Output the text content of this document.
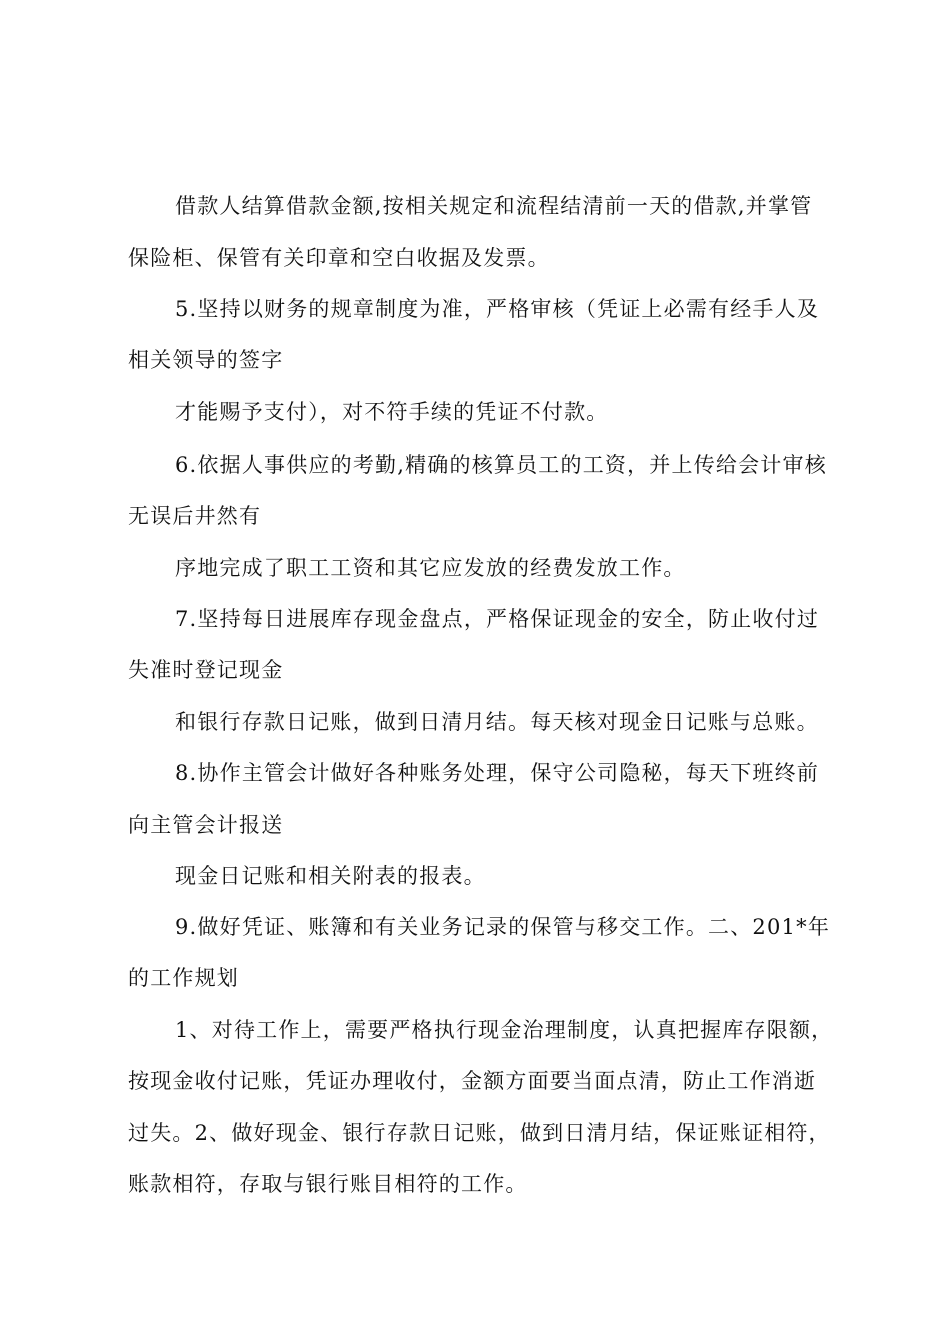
借款人结算借款金额,按相关规定和流程结清前一天的借款,并掌管
保险柜、保管有关印章和空白收据及发票。
5.坚持以财务的规章制度为准，严格审核（凭证上必需有经手人及
相关领导的签字
才能赐予支付），对不符手续的凭证不付款。
6.依据人事供应的考勤,精确的核算员工的工资，并上传给会计审核
无误后井然有
序地完成了职工工资和其它应发放的经费发放工作。
7.坚持每日进展库存现金盘点，严格保证现金的安全，防止收付过
失准时登记现金
和银行存款日记账，做到日清月结。每天核对现金日记账与总账。
8.协作主管会计做好各种账务处理，保守公司隐秘，每天下班终前
向主管会计报送
现金日记账和相关附表的报表。
9.做好凭证、账簿和有关业务记录的保管与移交工作。二、201*年
的工作规划
1、对待工作上，需要严格执行现金治理制度，认真把握库存限额，
按现金收付记账，凭证办理收付，金额方面要当面点清，防止工作消逝
过失。2、做好现金、银行存款日记账，做到日清月结，保证账证相符，
账款相符，存取与银行账目相符的工作。
